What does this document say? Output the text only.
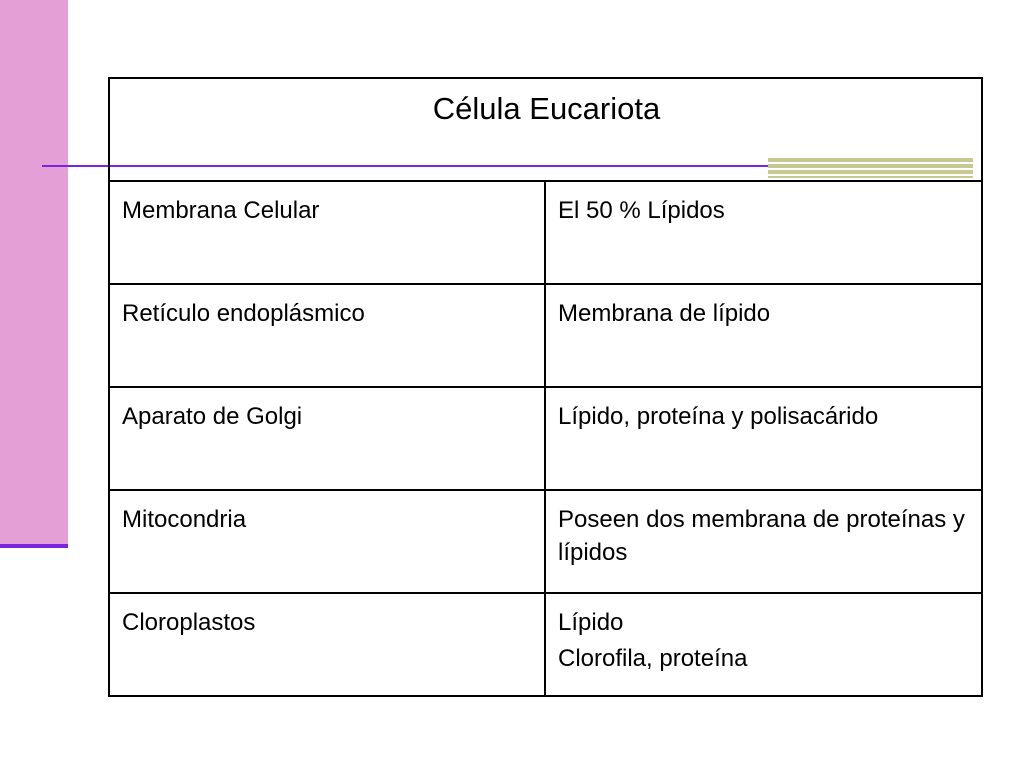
Célula Eucariota	
Membrana Celular	El 50 % Lípidos

Retículo endoplásmico	Membrana de lípido

Aparato de Golgi	Lípido, proteína y polisacárido

Mitocondria	Poseen dos membrana de proteínas y lípidos

Cloroplastos	Lípido
Clorofila, proteína
